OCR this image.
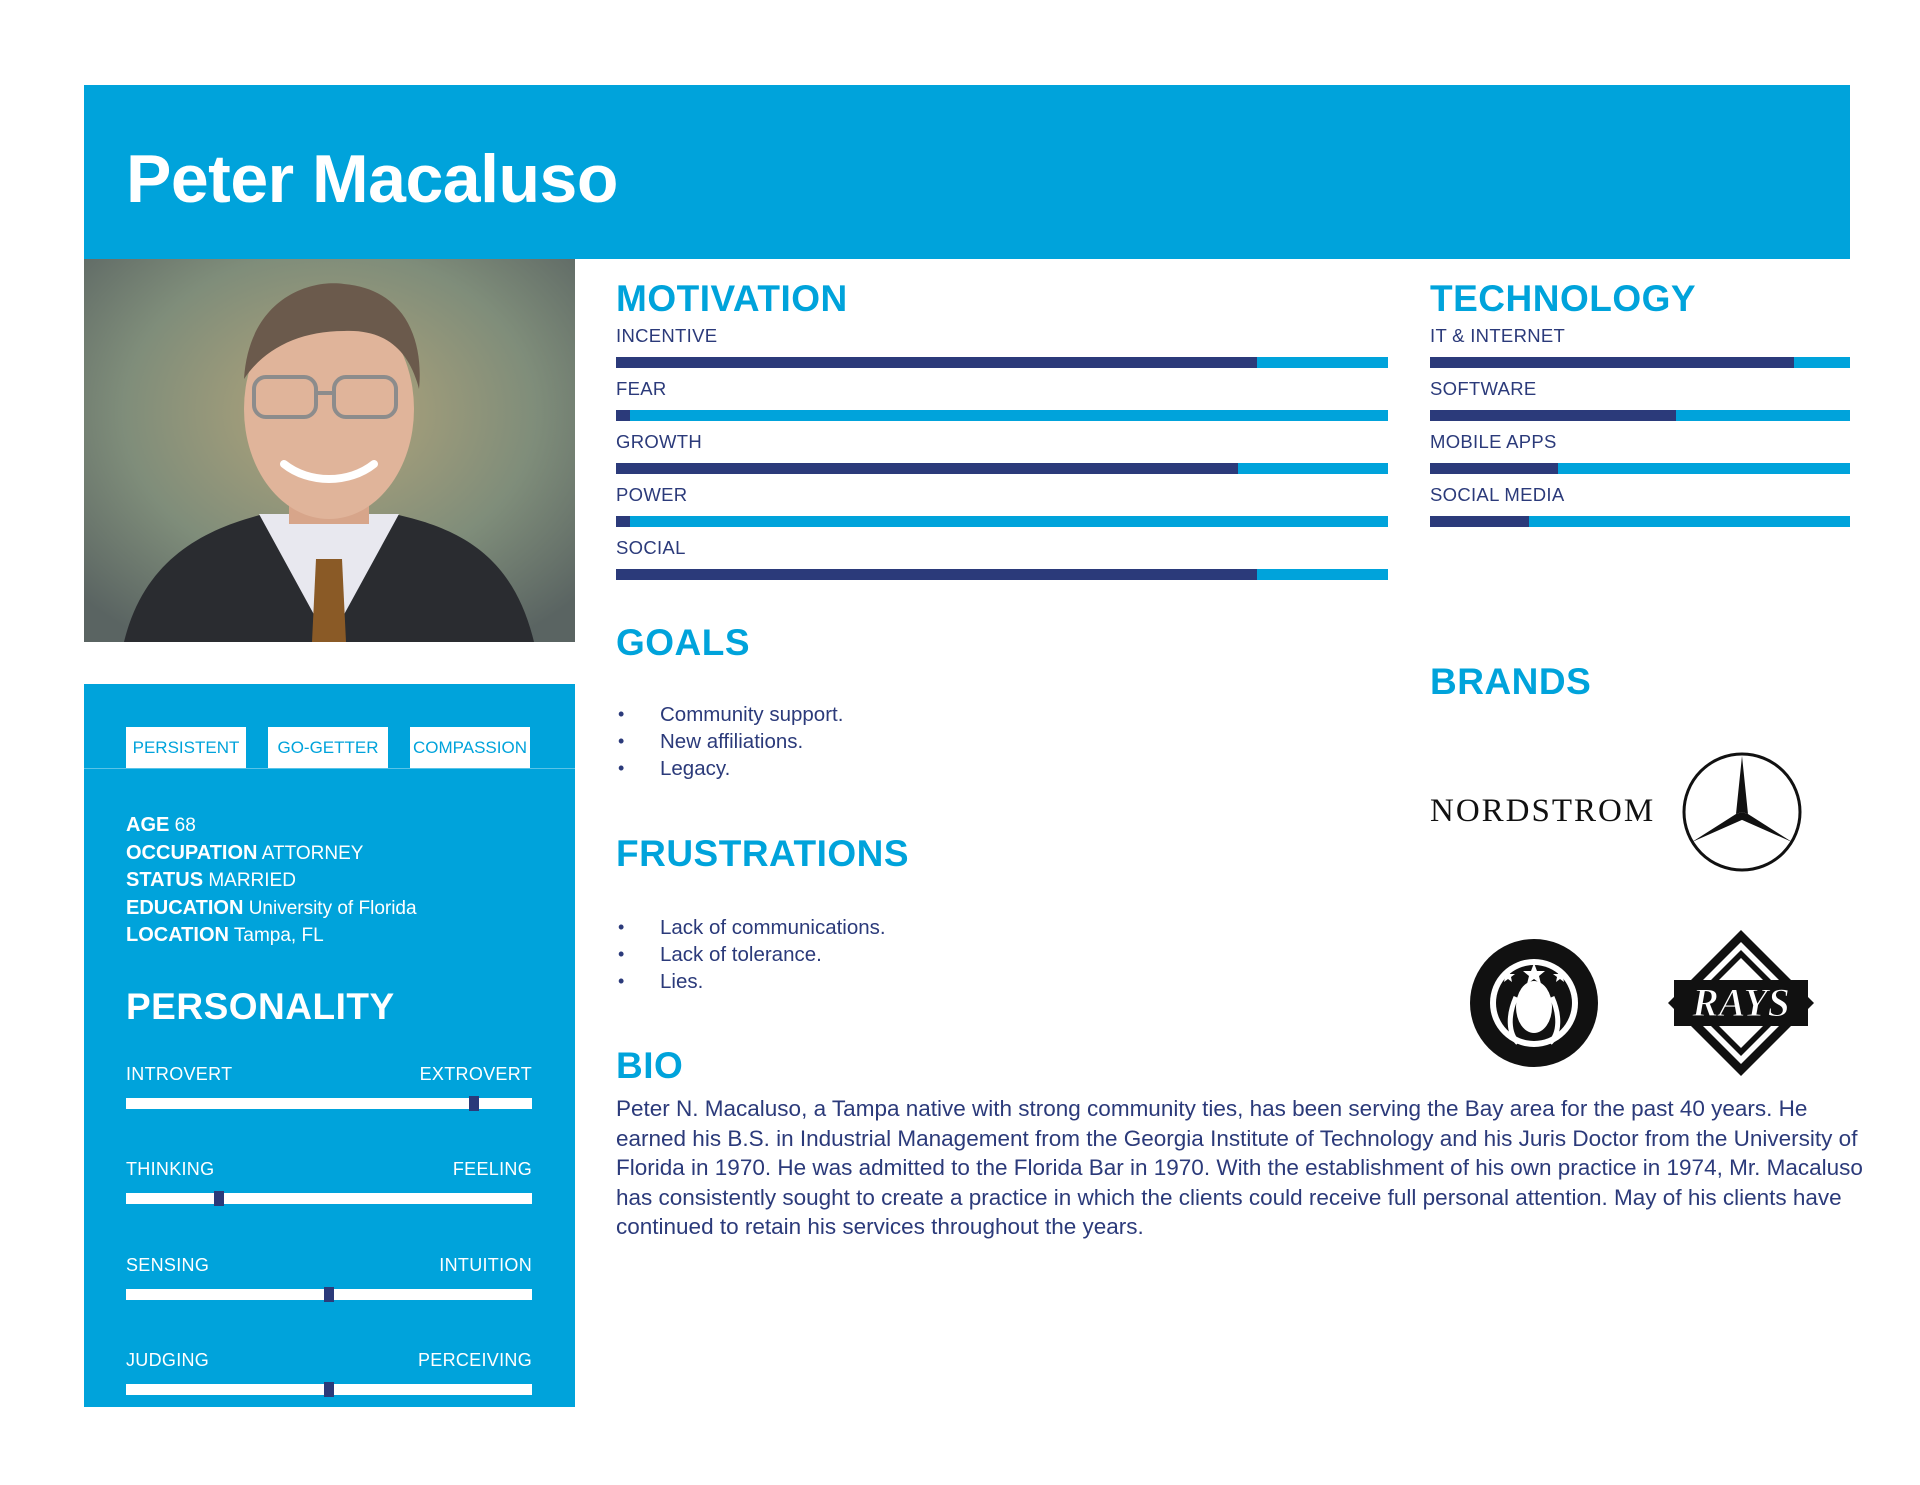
Peter Macaluso
PERSISTENT	GO-GETTER	COMPASSION
AGE 68
OCCUPATION ATTORNEY
STATUS MARRIED
EDUCATION University of Florida
LOCATION Tampa, FL
PERSONALITY
INTROVERT	EXTROVERT
THINKING	FEELING
SENSING	INTUITION
JUDGING	PERCEIVING
MOTIVATION
INCENTIVE
FEAR
GROWTH
POWER
SOCIAL
TECHNOLOGY
IT & INTERNET
SOFTWARE
MOBILE APPS
SOCIAL MEDIA
GOALS
• Community support.
• New affiliations.
• Legacy.
FRUSTRATIONS
• Lack of communications.
• Lack of tolerance.
• Lies.
BIO
Peter N. Macaluso, a Tampa native with strong community ties, has been serving the Bay area for the past 40 years. He earned his B.S. in Industrial Management from the Georgia Institute of Technology and his Juris Doctor from the University of Florida in 1970. He was admitted to the Florida Bar in 1970. With the establishment of his own practice in 1974, Mr. Macaluso has consistently sought to create a practice in which the clients could receive full personal attention. May of his clients have continued to retain his services throughout the years.
BRANDS
NORDSTROM
RAYS
